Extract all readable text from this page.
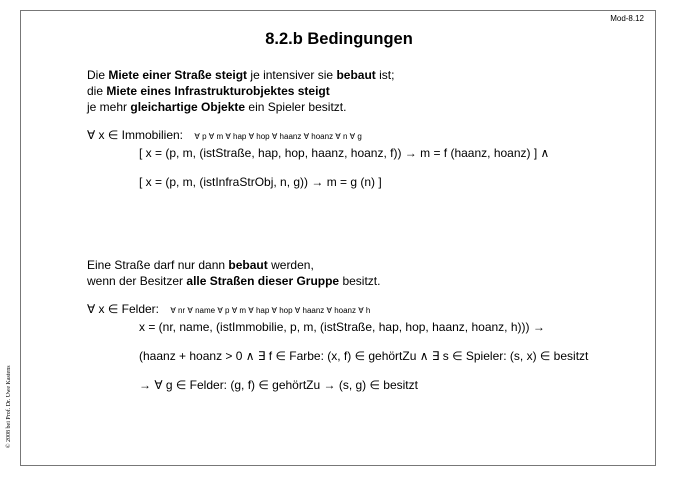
Mod-8.12
8.2.b Bedingungen
© 2008 bei Prof. Dr. Uwe Kastens
Die Miete einer Straße steigt je intensiver sie bebaut ist;
die Miete eines Infrastrukturobjektes steigt
je mehr gleichartige Objekte ein Spieler besitzt.
∀ x ∈ Immobilien: ∀ p ∀ m ∀ hap ∀ hop ∀ haanz ∀ hoanz ∀ n ∀ g
[ x = (p, m, (istStraße, hap, hop, haanz, hoanz, f)) → m = f (haanz, hoanz) ] ∧
[ x = (p, m, (istInfraStrObj, n, g)) → m = g (n) ]
Eine Straße darf nur dann bebaut werden,
wenn der Besitzer alle Straßen dieser Gruppe besitzt.
∀ x ∈ Felder: ∀ nr ∀ name ∀ p ∀ m ∀ hap ∀ hop ∀ haanz ∀ hoanz ∀ h
x = (nr, name, (istImmobilie, p, m, (istStraße, hap, hop, haanz, hoanz, h))) →
(haanz + hoanz > 0 ∧ ∃ f ∈ Farbe: (x, f) ∈ gehörtZu ∧ ∃ s ∈ Spieler: (s, x) ∈ besitzt
→ ∀ g ∈ Felder: (g, f) ∈ gehörtZu → (s, g) ∈ besitzt
